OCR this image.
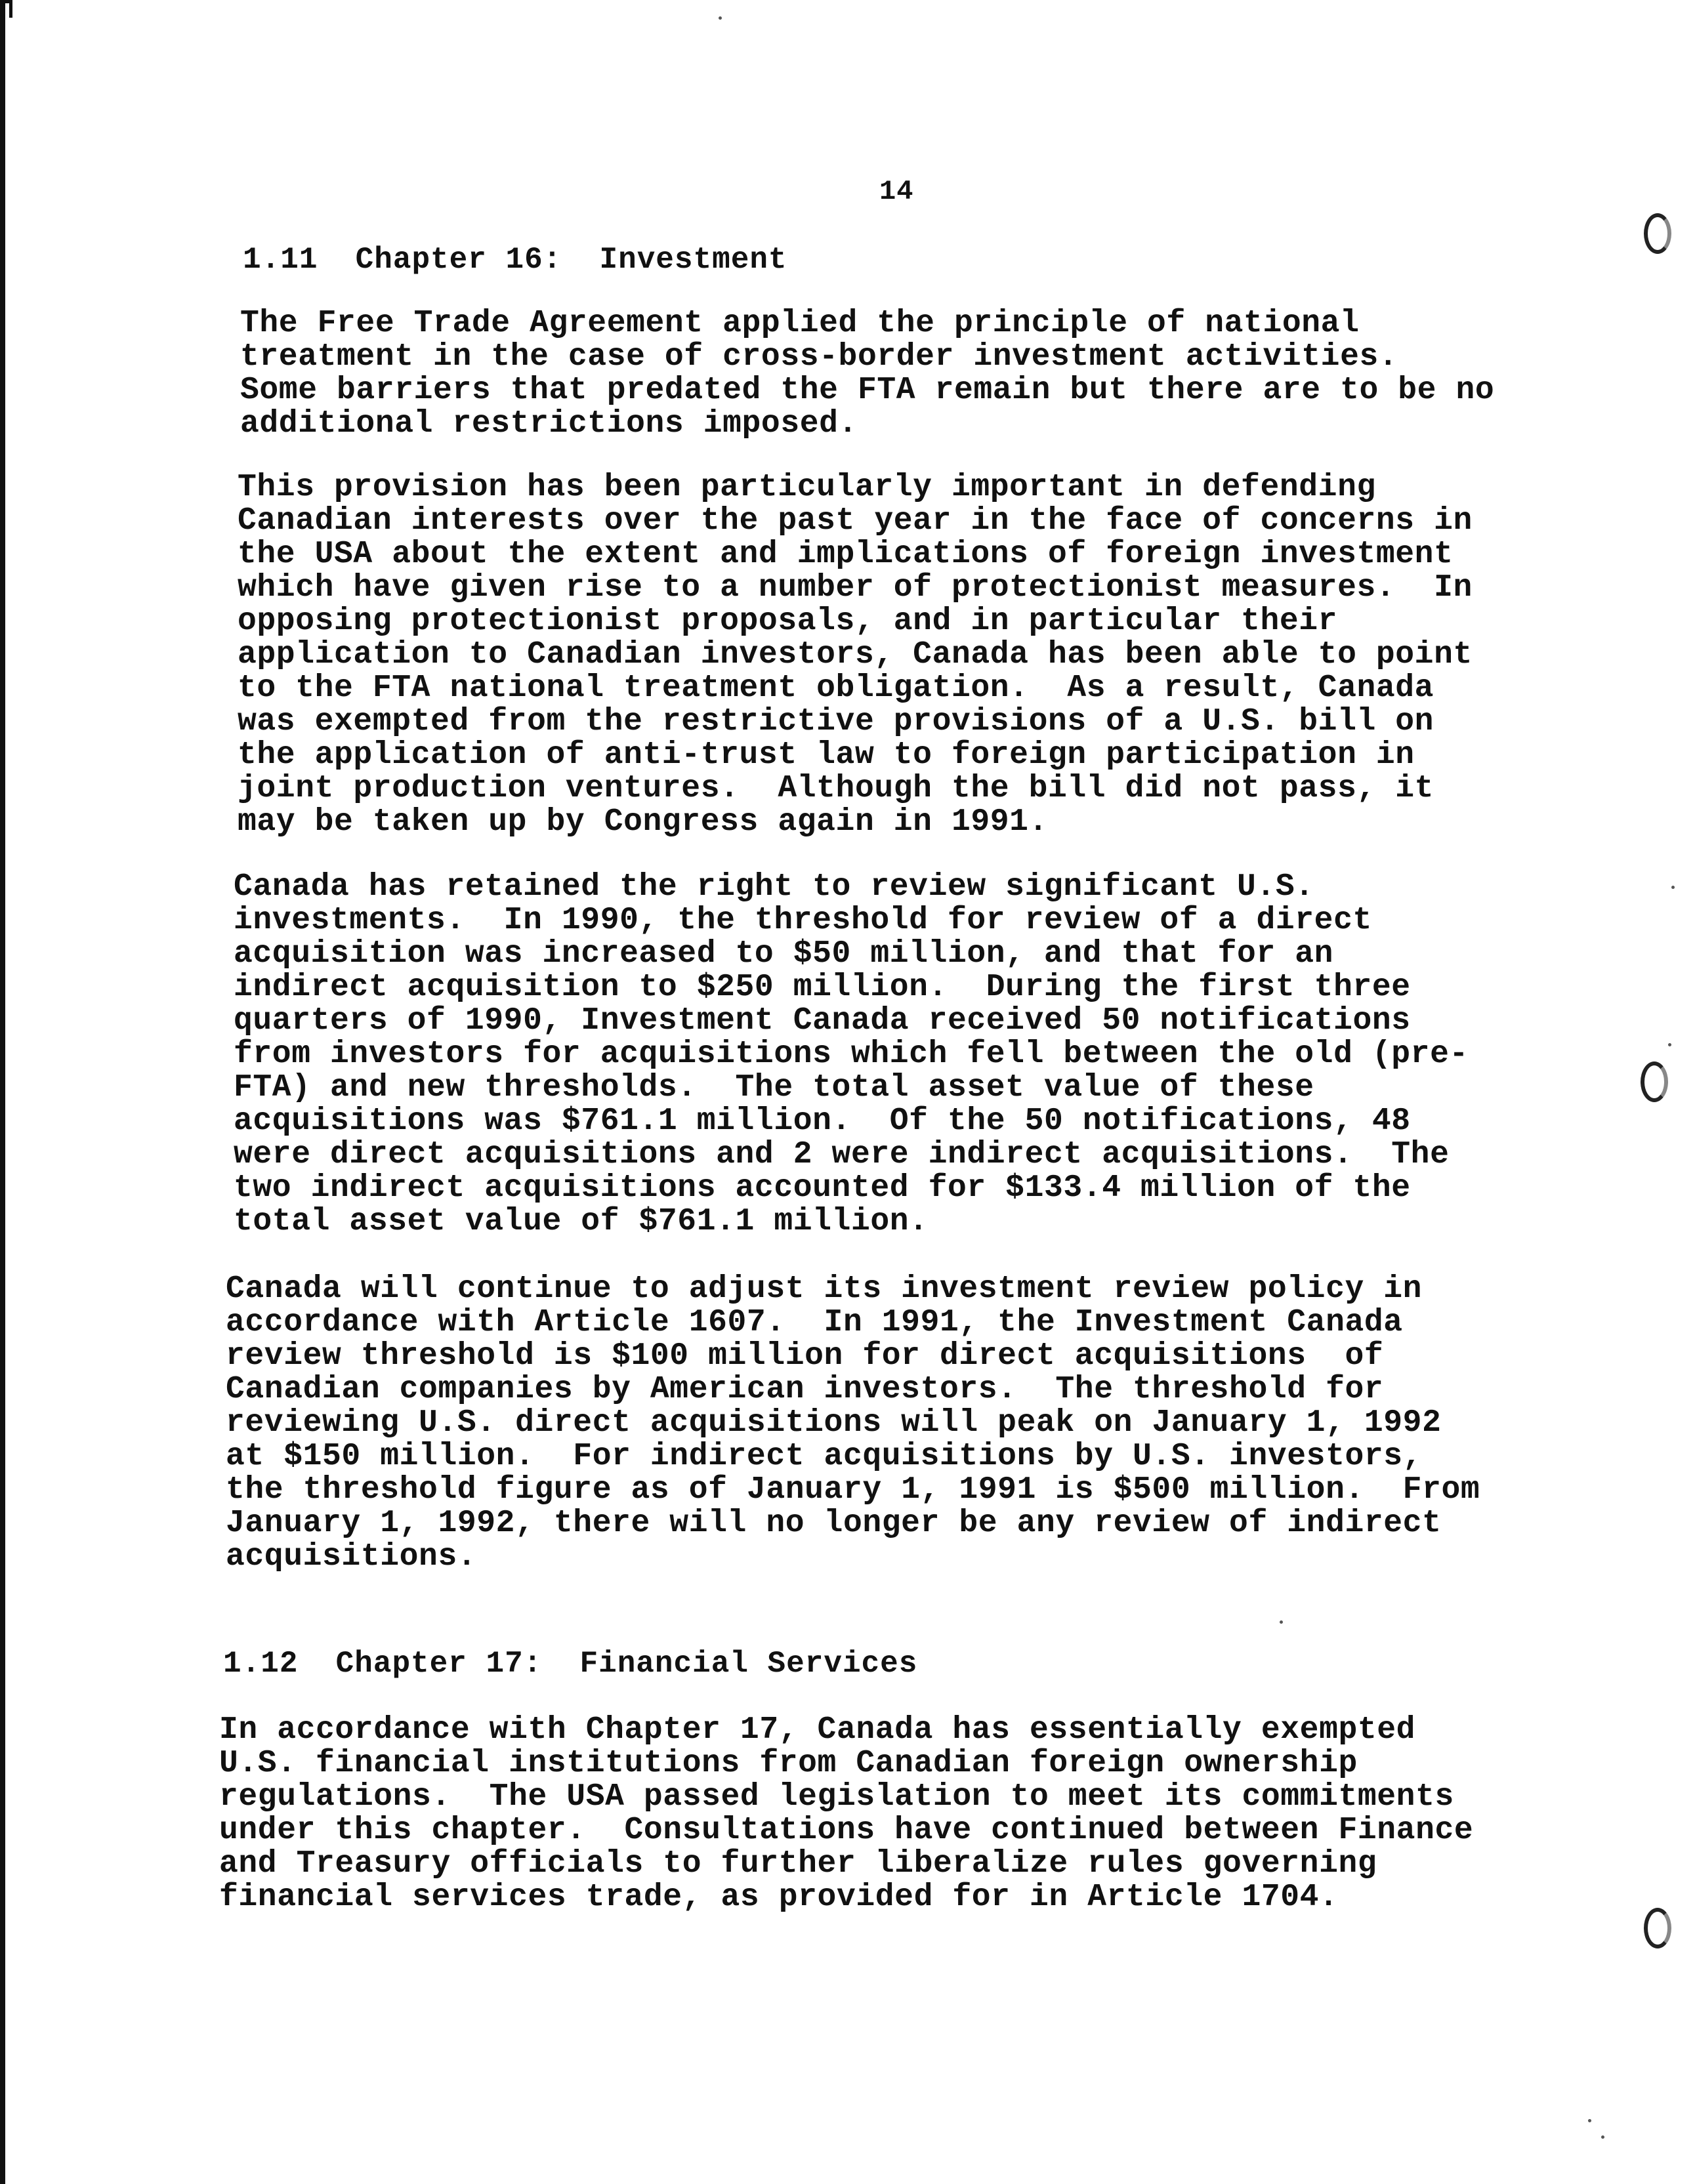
14
1.11  Chapter 16:  Investment

The Free Trade Agreement applied the principle of national
treatment in the case of cross-border investment activities.
Some barriers that predated the FTA remain but there are to be no
additional restrictions imposed.

This provision has been particularly important in defending
Canadian interests over the past year in the face of concerns in
the USA about the extent and implications of foreign investment
which have given rise to a number of protectionist measures.  In
opposing protectionist proposals, and in particular their
application to Canadian investors, Canada has been able to point
to the FTA national treatment obligation.  As a result, Canada
was exempted from the restrictive provisions of a U.S. bill on
the application of anti-trust law to foreign participation in
joint production ventures.  Although the bill did not pass, it
may be taken up by Congress again in 1991.

Canada has retained the right to review significant U.S.
investments.  In 1990, the threshold for review of a direct
acquisition was increased to $50 million, and that for an
indirect acquisition to $250 million.  During the first three
quarters of 1990, Investment Canada received 50 notifications
from investors for acquisitions which fell between the old (pre-
FTA) and new thresholds.  The total asset value of these
acquisitions was $761.1 million.  Of the 50 notifications, 48
were direct acquisitions and 2 were indirect acquisitions.  The
two indirect acquisitions accounted for $133.4 million of the
total asset value of $761.1 million.

Canada will continue to adjust its investment review policy in
accordance with Article 1607.  In 1991, the Investment Canada
review threshold is $100 million for direct acquisitions  of
Canadian companies by American investors.  The threshold for
reviewing U.S. direct acquisitions will peak on January 1, 1992
at $150 million.  For indirect acquisitions by U.S. investors,
the threshold figure as of January 1, 1991 is $500 million.  From
January 1, 1992, there will no longer be any review of indirect
acquisitions.

1.12  Chapter 17:  Financial Services

In accordance with Chapter 17, Canada has essentially exempted
U.S. financial institutions from Canadian foreign ownership
regulations.  The USA passed legislation to meet its commitments
under this chapter.  Consultations have continued between Finance
and Treasury officials to further liberalize rules governing
financial services trade, as provided for in Article 1704.
